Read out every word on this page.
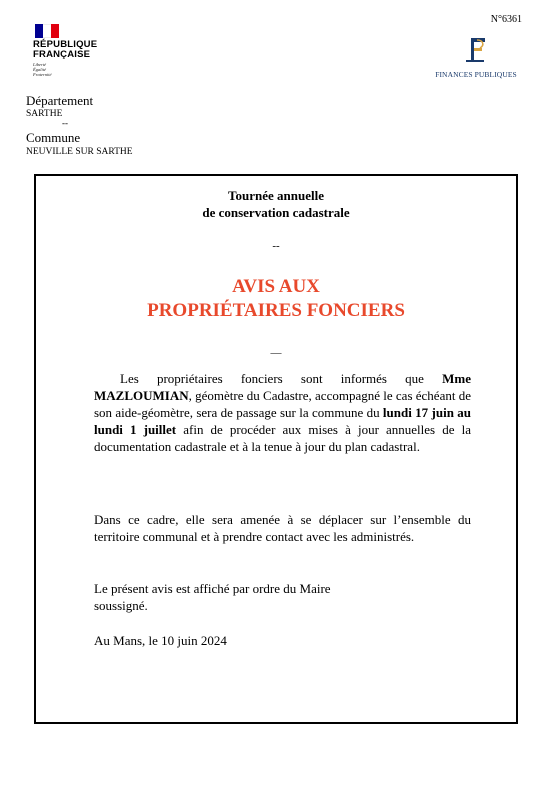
RÉPUBLIQUE
FRANÇAISE
Liberté
Égalité
Fraternité
N°6361
FINANCES PUBLIQUES
Département
SARTHE
--
Commune
NEUVILLE SUR SARTHE
Tournée annuelle
de conservation cadastrale
--
AVIS AUX
PROPRIÉTAIRES FONCIERS
__
Les propriétaires fonciers sont informés que Mme MAZLOUMIAN, géomètre du Cadastre, accompagné le cas échéant de son aide-géomètre, sera de passage sur la commune du lundi 17 juin au lundi 1 juillet afin de procéder aux mises à jour annuelles de la documentation cadastrale et à la tenue à jour du plan cadastral.
Dans ce cadre, elle sera amenée à se déplacer sur l’ensemble du territoire communal et à prendre contact avec les administrés.
Le présent avis est affiché par ordre du Maire
soussigné.
Au Mans, le 10 juin 2024
